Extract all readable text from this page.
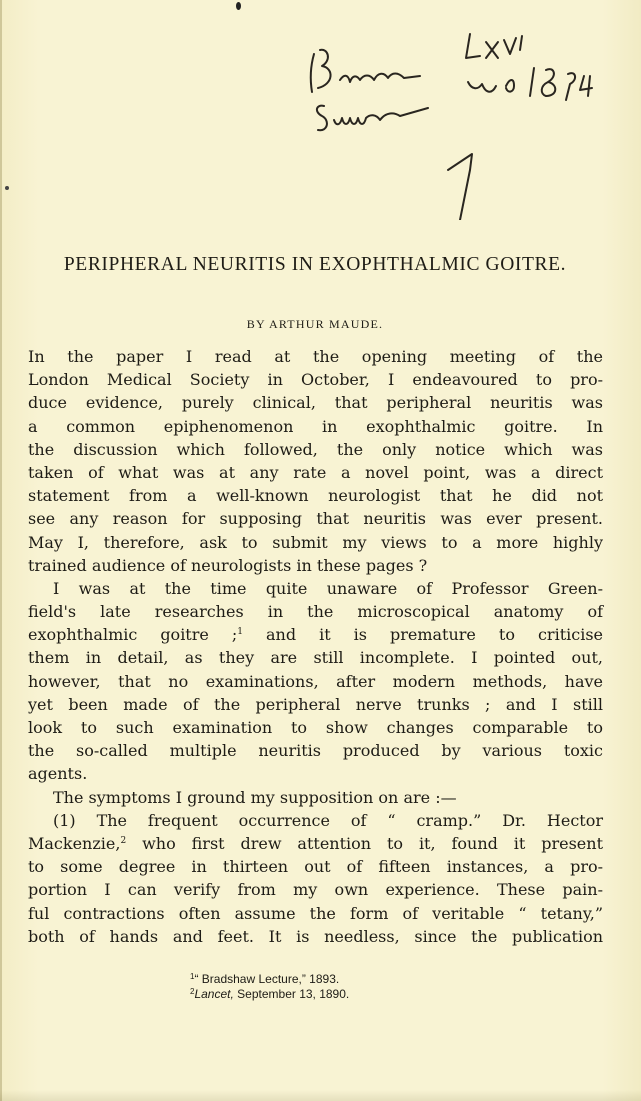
PERIPHERAL NEURITIS IN EXOPHTHALMIC GOITRE.

BY ARTHUR MAUDE.

In the paper I read at the opening meeting of the
London Medical Society in October, I endeavoured to pro-
duce evidence, purely clinical, that peripheral neuritis was
a common epiphenomenon in exophthalmic goitre. In
the discussion which followed, the only notice which was
taken of what was at any rate a novel point, was a direct
statement from a well-known neurologist that he did not
see any reason for supposing that neuritis was ever present.
May I, therefore, ask to submit my views to a more highly
trained audience of neurologists in these pages ?
I was at the time quite unaware of Professor Green-
field's late researches in the microscopical anatomy of
exophthalmic goitre ;$^1$ and it is premature to criticise
them in detail, as they are still incomplete. I pointed out,
however, that no examinations, after modern methods, have
yet been made of the peripheral nerve trunks ; and I still
look to such examination to show changes comparable to
the so-called multiple neuritis produced by various toxic
agents.
The symptoms I ground my supposition on are :—
(1) The frequent occurrence of “ cramp.” Dr. Hector
Mackenzie,$^2$ who first drew attention to it, found it present
to some degree in thirteen out of fifteen instances, a pro-
portion I can verify from my own experience. These pain-
ful contractions often assume the form of veritable “ tetany,”
both of hands and feet. It is needless, since the publication
$^1$“ Bradshaw Lecture,” 1893.
$^2$Lancet, September 13, 1890.
